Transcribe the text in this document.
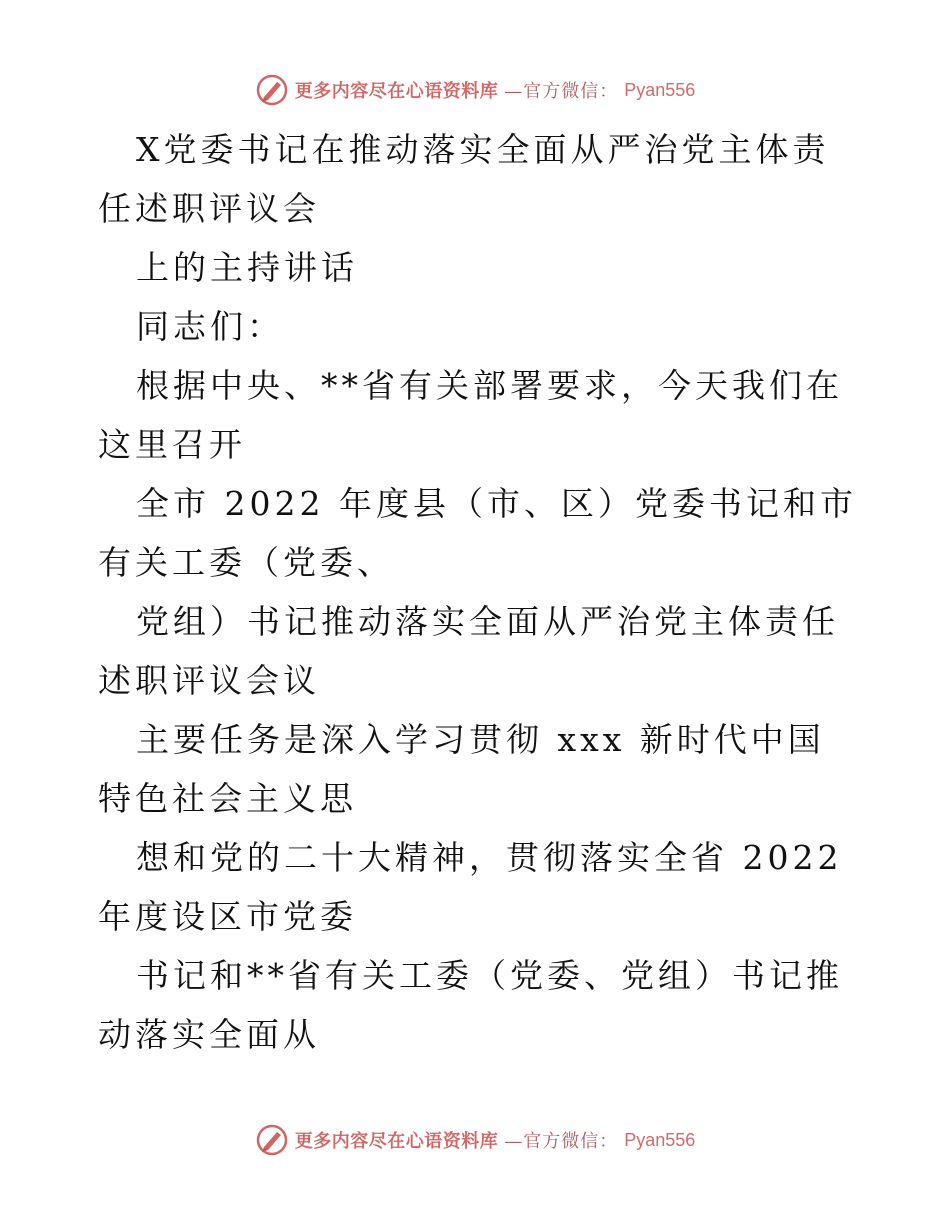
更多内容尽在心语资料库 —官方微信： Pyan556

X党委书记在推动落实全面从严治党主体责任述职评议会

上的主持讲话

同志们：

根据中央、**省有关部署要求，今天我们在这里召开

全市 2022 年度县（市、区）党委书记和市有关工委（党委、

党组）书记推动落实全面从严治党主体责任述职评议会议

主要任务是深入学习贯彻 xxx 新时代中国特色社会主义思

想和党的二十大精神，贯彻落实全省 2022 年度设区市党委

书记和**省有关工委（党委、党组）书记推动落实全面从

更多内容尽在心语资料库 —官方微信： Pyan556
